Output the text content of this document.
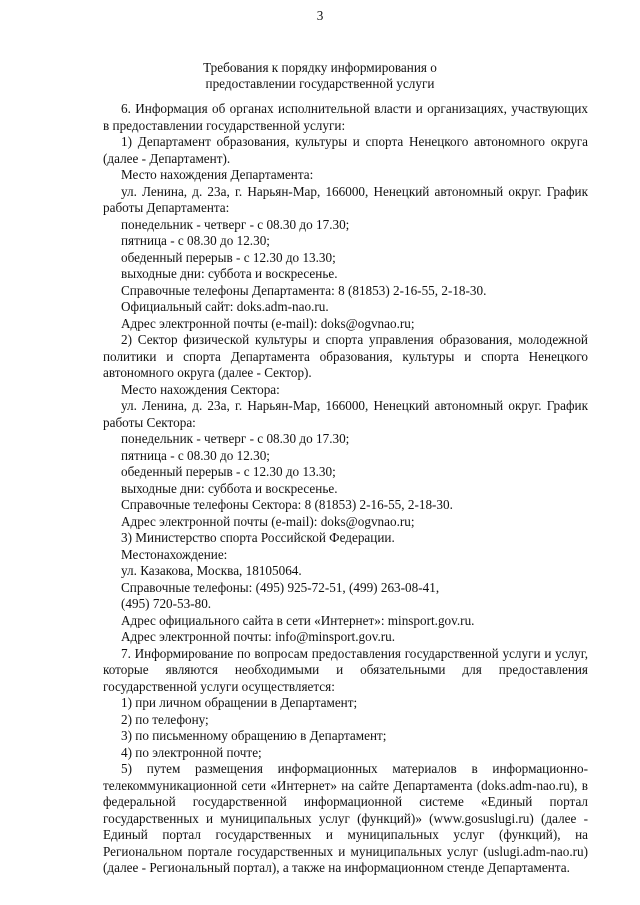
3
Требования к порядку информирования о
предоставлении государственной услуги

6. Информация об органах исполнительной власти и организациях, участвующих в предоставлении государственной услуги:

1) Департамент образования, культуры и спорта Ненецкого автономного округа (далее - Департамент).

Место нахождения Департамента:

ул. Ленина, д. 23а, г. Нарьян-Мар, 166000, Ненецкий автономный округ. График работы Департамента:

понедельник - четверг - с 08.30 до 17.30;

пятница - с 08.30 до 12.30;

обеденный перерыв - с 12.30 до 13.30;

выходные дни: суббота и воскресенье.

Справочные телефоны Департамента: 8 (81853) 2-16-55, 2-18-30.

Официальный сайт: doks.adm-nao.ru.

Адрес электронной почты (e-mail): doks@ogvnao.ru;

2) Сектор физической культуры и спорта управления образования, молодежной политики и спорта Департамента образования, культуры и спорта Ненецкого автономного округа (далее - Сектор).

Место нахождения Сектора:

ул. Ленина, д. 23а, г. Нарьян-Мар, 166000, Ненецкий автономный округ. График работы Сектора:

понедельник - четверг - с 08.30 до 17.30;

пятница - с 08.30 до 12.30;

обеденный перерыв - с 12.30 до 13.30;

выходные дни: суббота и воскресенье.

Справочные телефоны Сектора: 8 (81853) 2-16-55, 2-18-30.

Адрес электронной почты (e-mail): doks@ogvnao.ru;

3) Министерство спорта Российской Федерации.

Местонахождение:

ул. Казакова, Москва, 18105064.

Справочные телефоны: (495) 925-72-51, (499) 263-08-41,

(495) 720-53-80.

Адрес официального сайта в сети «Интернет»: minsport.gov.ru.

Адрес электронной почты: info@minsport.gov.ru.

7. Информирование по вопросам предоставления государственной услуги и услуг, которые являются необходимыми и обязательными для предоставления государственной услуги осуществляется:

1) при личном обращении в Департамент;

2) по телефону;

3) по письменному обращению в Департамент;

4) по электронной почте;

5) путем размещения информационных материалов в информационно-телекоммуникационной сети «Интернет» на сайте Департамента (doks.adm-nao.ru), в федеральной государственной информационной системе «Единый портал государственных и муниципальных услуг (функций)» (www.gosuslugi.ru) (далее - Единый портал государственных и муниципальных услуг (функций), на Региональном портале государственных и муниципальных услуг (uslugi.adm-nao.ru) (далее - Региональный портал), а также на информационном стенде Департамента.
